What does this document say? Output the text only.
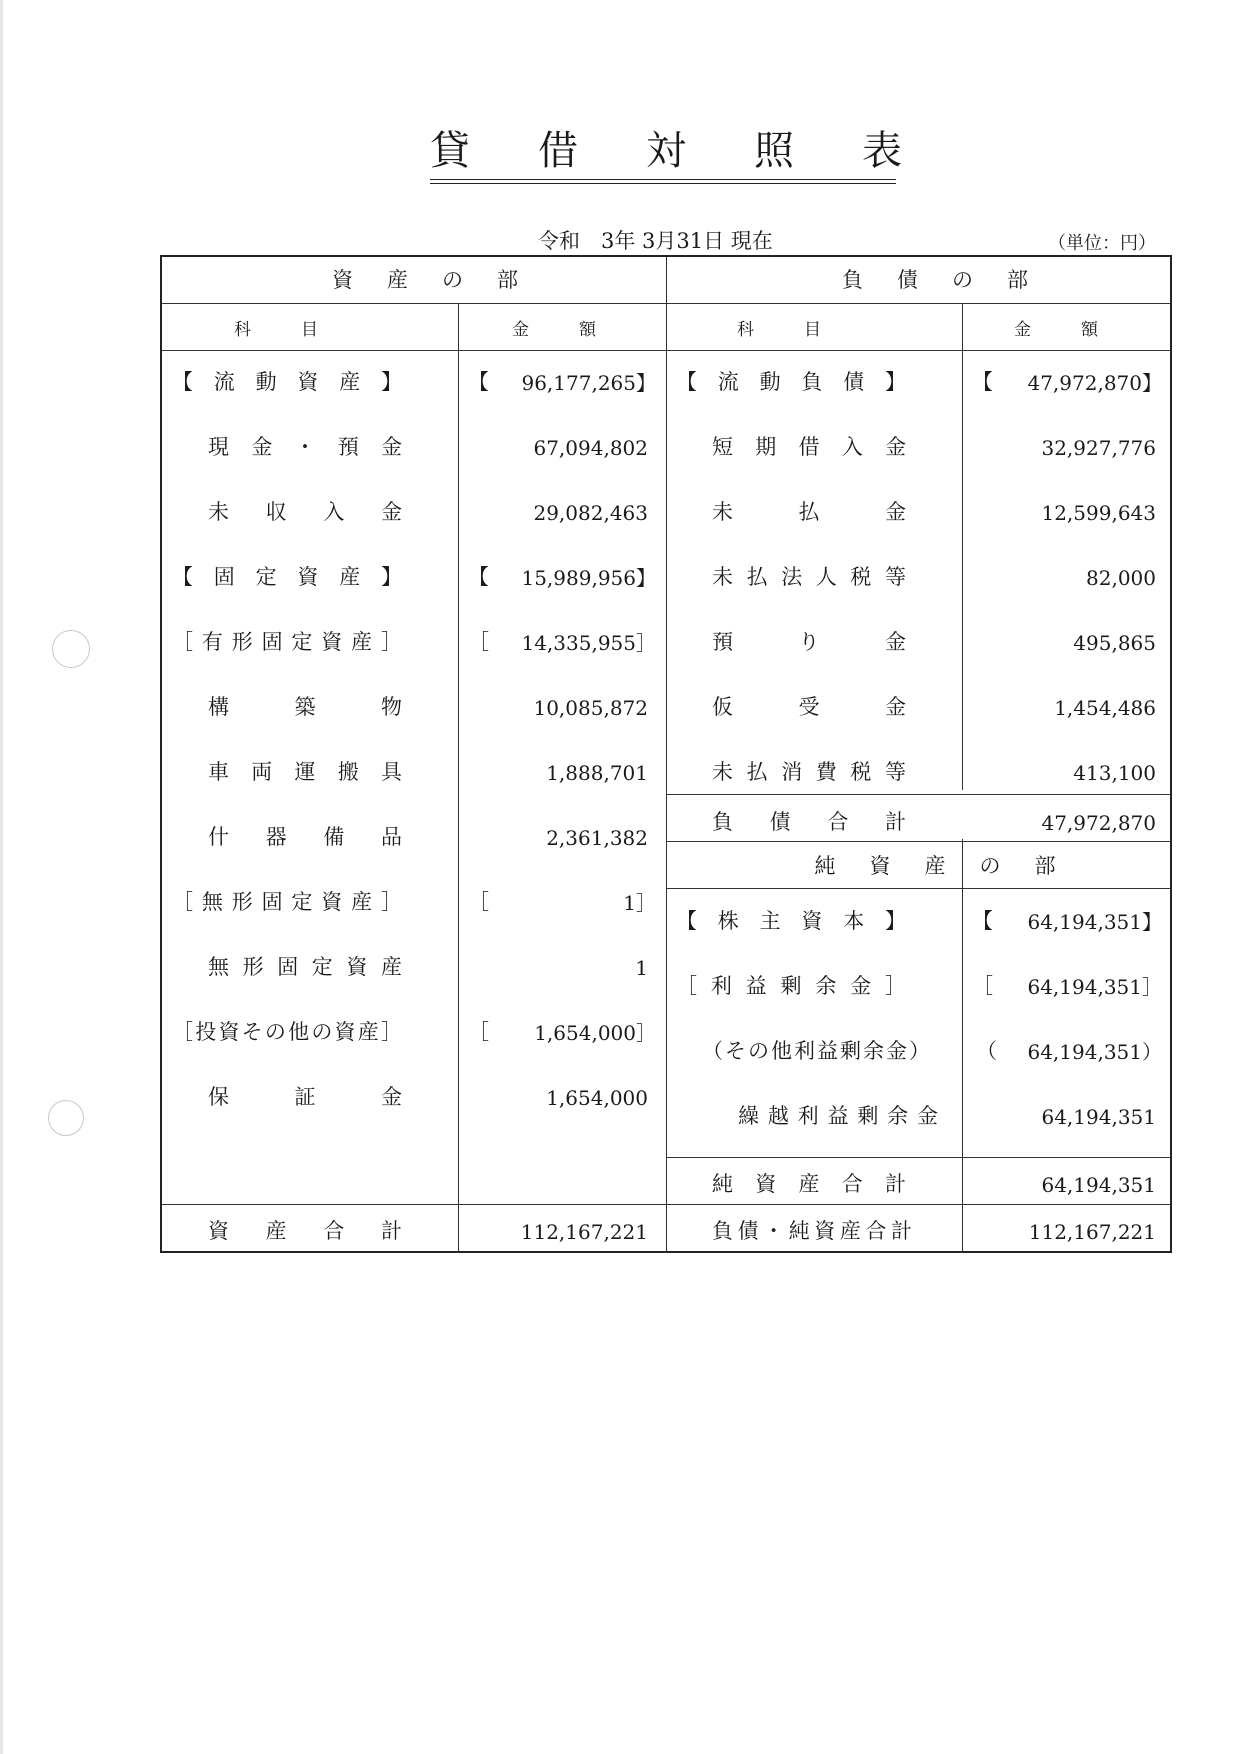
貸借対照表
令和　3年 3月31日 現在	（単位：円）
資産の部	負債の部
科目	金額	科目	金額
【流動資産】	【	96,177,265】
現金・預金	67,094,802
未収入金	29,082,463
【固定資産】	【	15,989,956】
［有形固定資産］	［	14,335,955］
構築物	10,085,872
車両運搬具	1,888,701
什器備品	2,361,382
［無形固定資産］	［	1］
無形固定資産	1
［投資その他の資産］	［	1,654,000］
保証金	1,654,000
資産合計	112,167,221
【流動負債】	【	47,972,870】
短期借入金	32,927,776
未払金	12,599,643
未払法人税等	82,000
預り金	495,865
仮受金	1,454,486
未払消費税等	413,100
負債合計	47,972,870
純資産の部
【株主資本】	【	64,194,351】
［利益剰余金］	［	64,194,351］
（その他利益剰余金）	（	64,194,351）
繰越利益剰余金	64,194,351
純資産合計	64,194,351
負債・純資産合計	112,167,221
